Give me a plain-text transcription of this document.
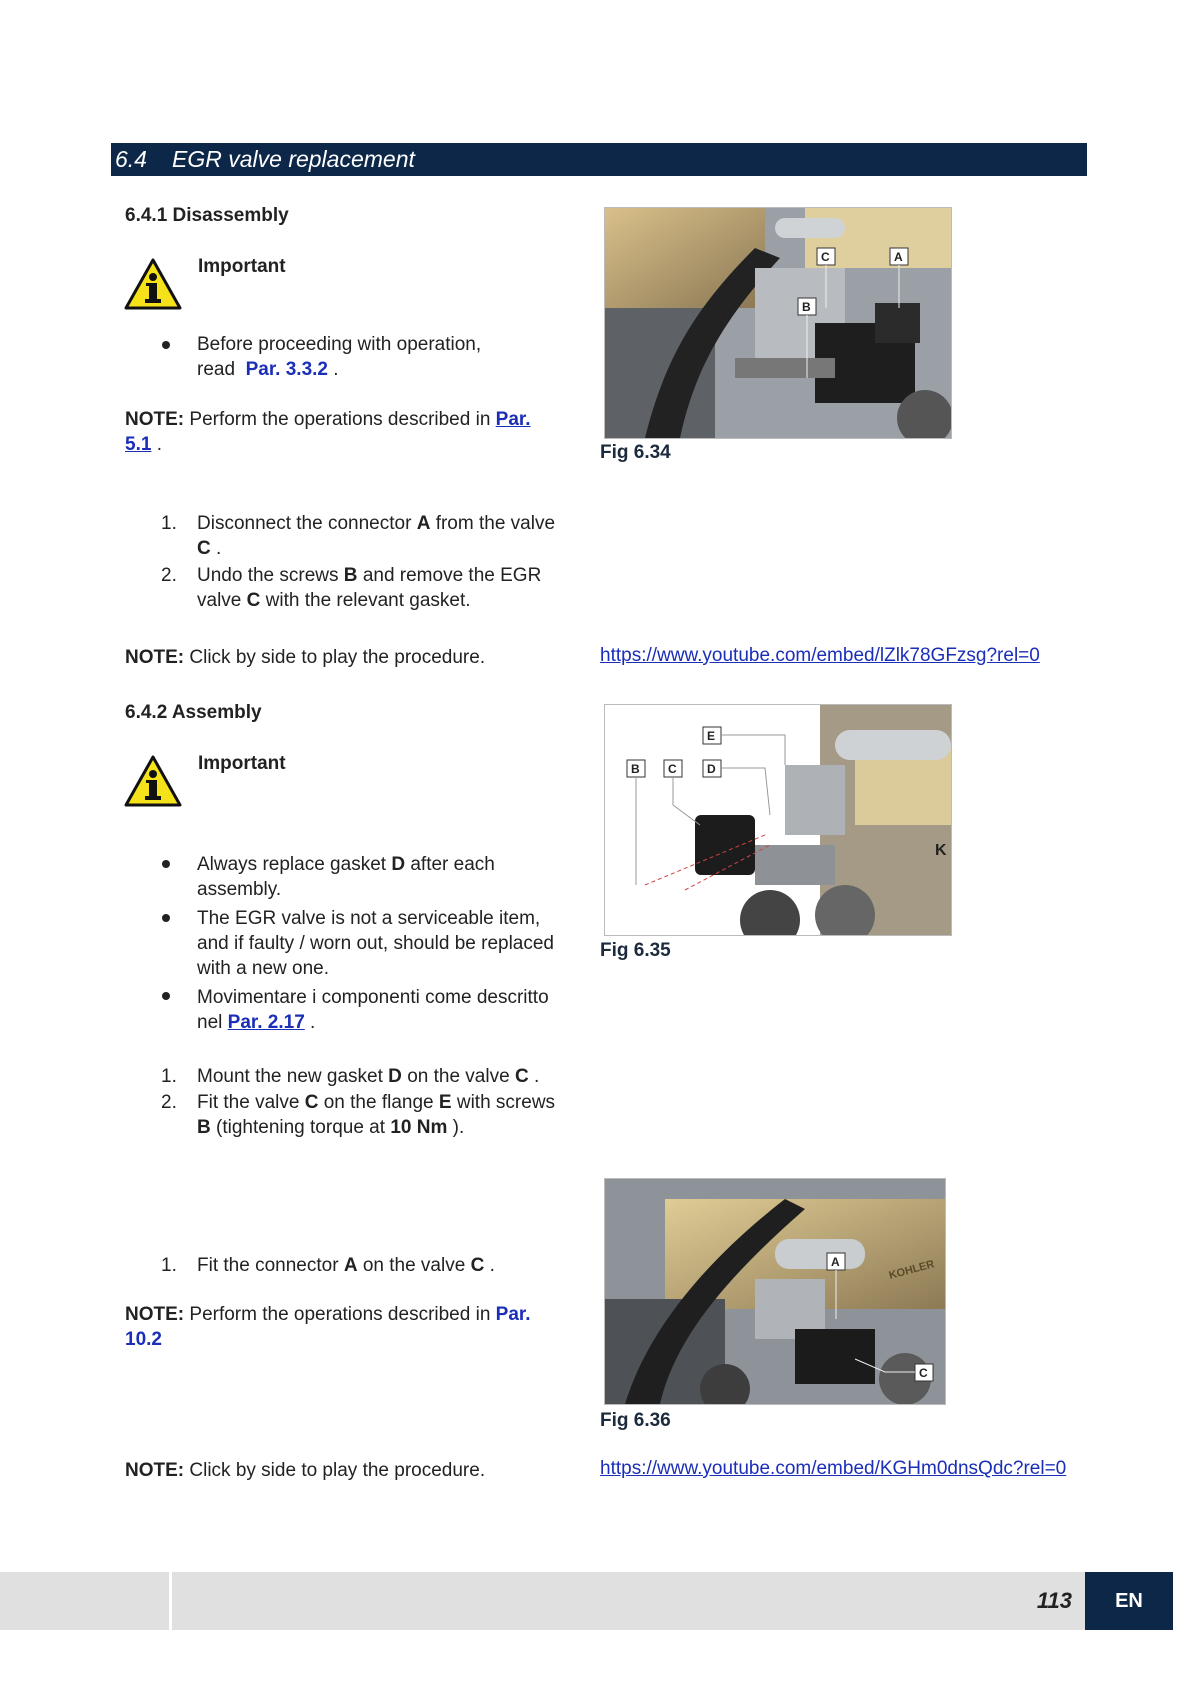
6.4 EGR valve replacement
6.4.1 Disassembly
Important
Before proceeding with operation,
read Par. 3.3.2 .
NOTE: Perform the operations described in Par.
5.1 .
1. Disconnect the connector A from the valve
C .
2. Undo the screws B and remove the EGR
valve C with the relevant gasket.
NOTE: Click by side to play the procedure.	https://www.youtube.com/embed/lZlk78GFzsg?rel=0
C	A
B
Fig 6.34
6.4.2 Assembly
Important
Always replace gasket D after each
assembly.
The EGR valve is not a serviceable item,
and if faulty / worn out, should be replaced
with a new one.
Movimentare i componenti come descritto
nel Par. 2.17 .
1. Mount the new gasket D on the valve C .
2. Fit the valve C on the flange E with screws
B (tightening torque at 10 Nm ).
E
B C	D
K
Fig 6.35
1. Fit the connector A on the valve C .
NOTE: Perform the operations described in Par.
10.2
A
C
KOHLER
Fig 6.36
NOTE: Click by side to play the procedure.	https://www.youtube.com/embed/KGHm0dnsQdc?rel=0
113	EN
